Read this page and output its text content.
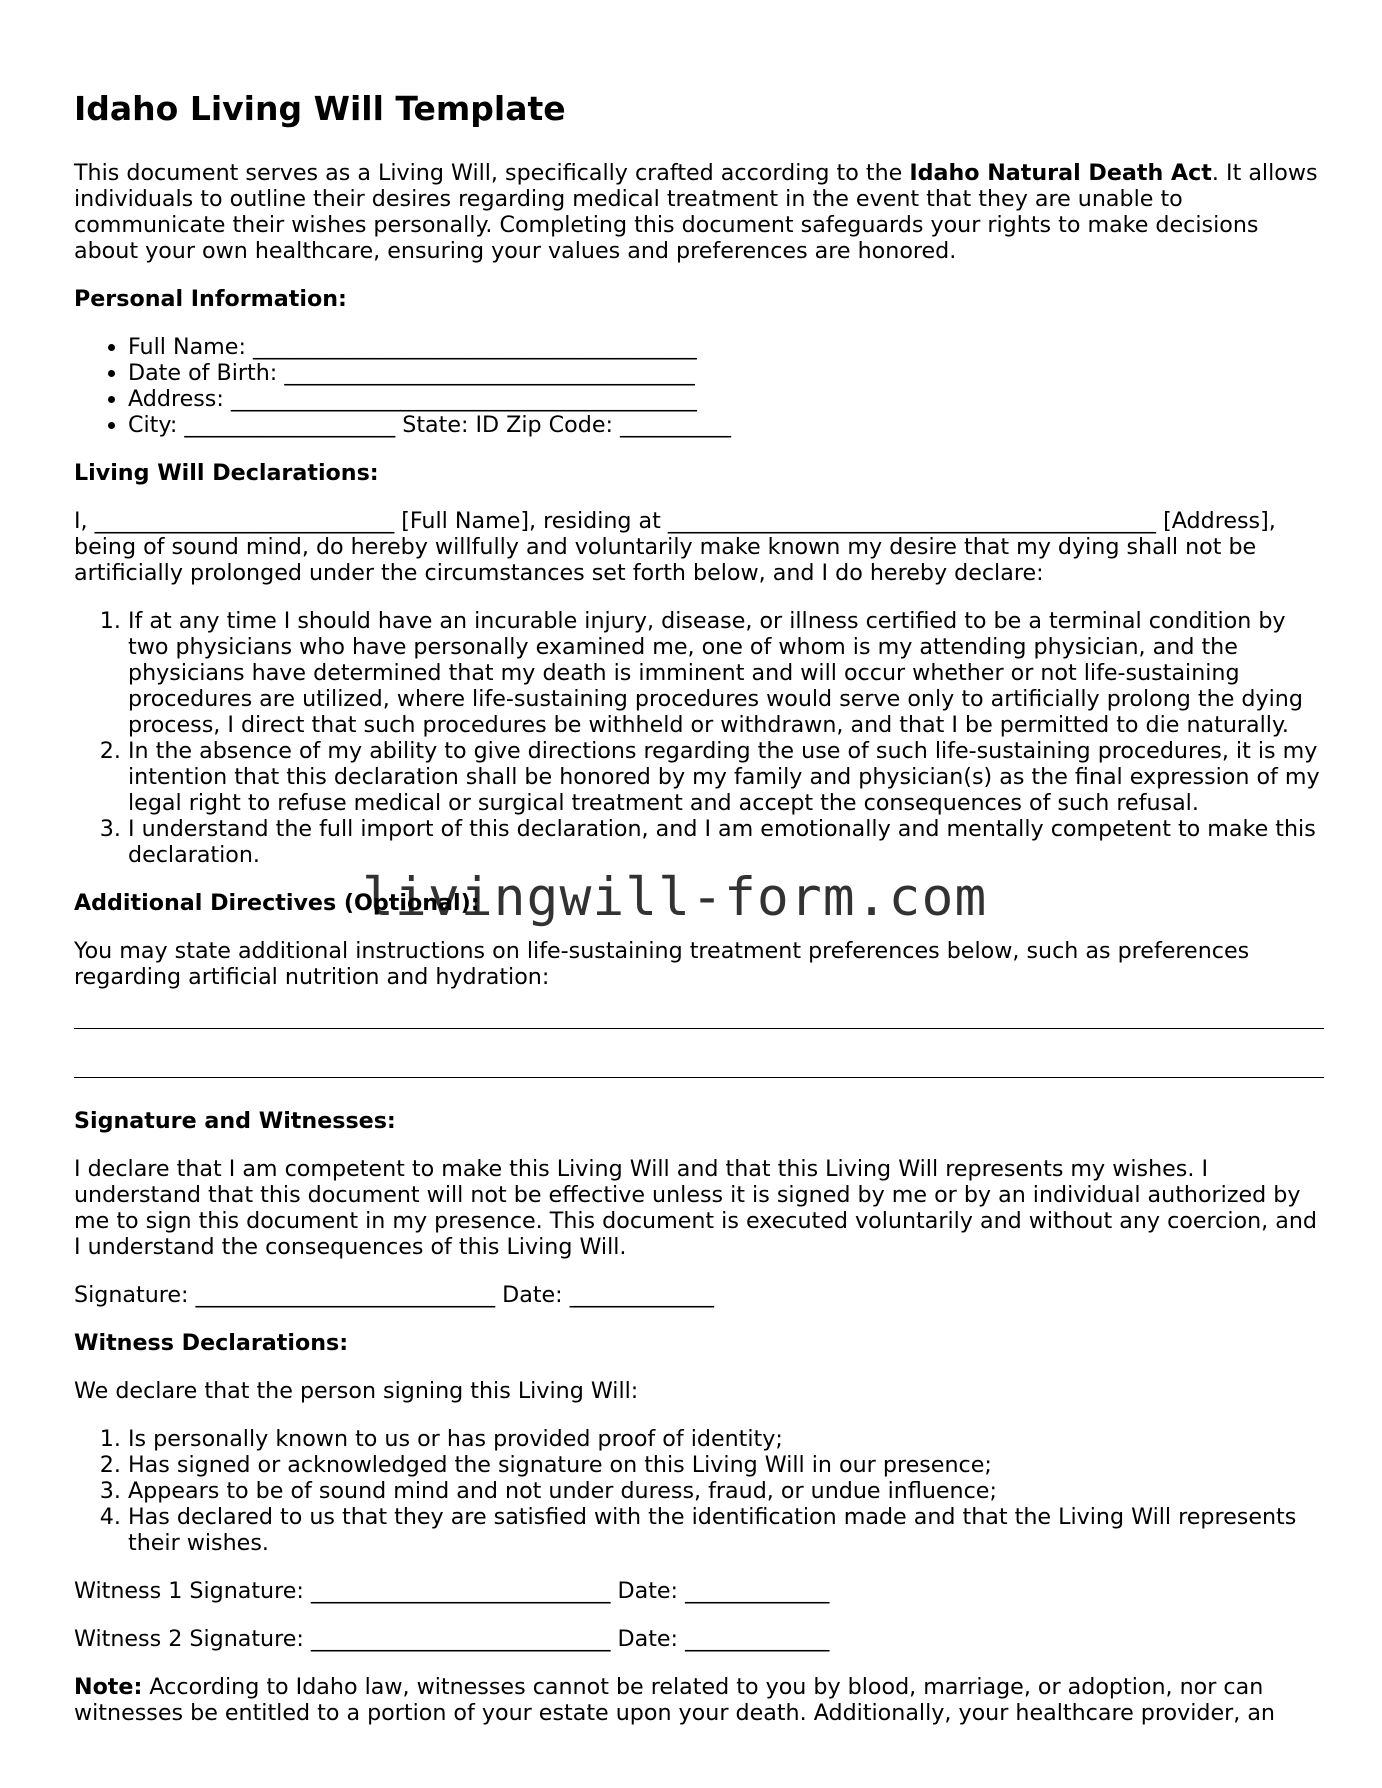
Idaho Living Will Template

This document serves as a Living Will, specifically crafted according to the Idaho Natural Death Act. It allows individuals to outline their desires regarding medical treatment in the event that they are unable to communicate their wishes personally. Completing this document safeguards your rights to make decisions about your own healthcare, ensuring your values and preferences are honored.

Personal Information:
• Full Name: ________________________________________
• Date of Birth: _____________________________________
• Address: __________________________________________
• City: ___________________ State: ID Zip Code: __________
Living Will Declarations:

I, ___________________________ [Full Name], residing at ____________________________________________ [Address], being of sound mind, do hereby willfully and voluntarily make known my desire that my dying shall not be artificially prolonged under the circumstances set forth below, and I do hereby declare:

1. If at any time I should have an incurable injury, disease, or illness certified to be a terminal condition by two physicians who have personally examined me, one of whom is my attending physician, and the physicians have determined that my death is imminent and will occur whether or not life-sustaining procedures are utilized, where life-sustaining procedures would serve only to artificially prolong the dying process, I direct that such procedures be withheld or withdrawn, and that I be permitted to die naturally.
2. In the absence of my ability to give directions regarding the use of such life-sustaining procedures, it is my intention that this declaration shall be honored by my family and physician(s) as the final expression of my legal right to refuse medical or surgical treatment and accept the consequences of such refusal.
3. I understand the full import of this declaration, and I am emotionally and mentally competent to make this declaration.
Additional Directives (Optional):

You may state additional instructions on life-sustaining treatment preferences below, such as preferences regarding artificial nutrition and hydration:

Signature and Witnesses:

I declare that I am competent to make this Living Will and that this Living Will represents my wishes. I understand that this document will not be effective unless it is signed by me or by an individual authorized by me to sign this document in my presence. This document is executed voluntarily and without any coercion, and I understand the consequences of this Living Will.

Signature: ___________________________ Date: _____________

Witness Declarations:

We declare that the person signing this Living Will:

1. Is personally known to us or has provided proof of identity;
2. Has signed or acknowledged the signature on this Living Will in our presence;
3. Appears to be of sound mind and not under duress, fraud, or undue influence;
4. Has declared to us that they are satisfied with the identification made and that the Living Will represents their wishes.

Witness 1 Signature: ___________________________ Date: _____________

Witness 2 Signature: ___________________________ Date: _____________

Note: According to Idaho law, witnesses cannot be related to you by blood, marriage, or adoption, nor can witnesses be entitled to a portion of your estate upon your death. Additionally, your healthcare provider, an

livingwill-form.com
